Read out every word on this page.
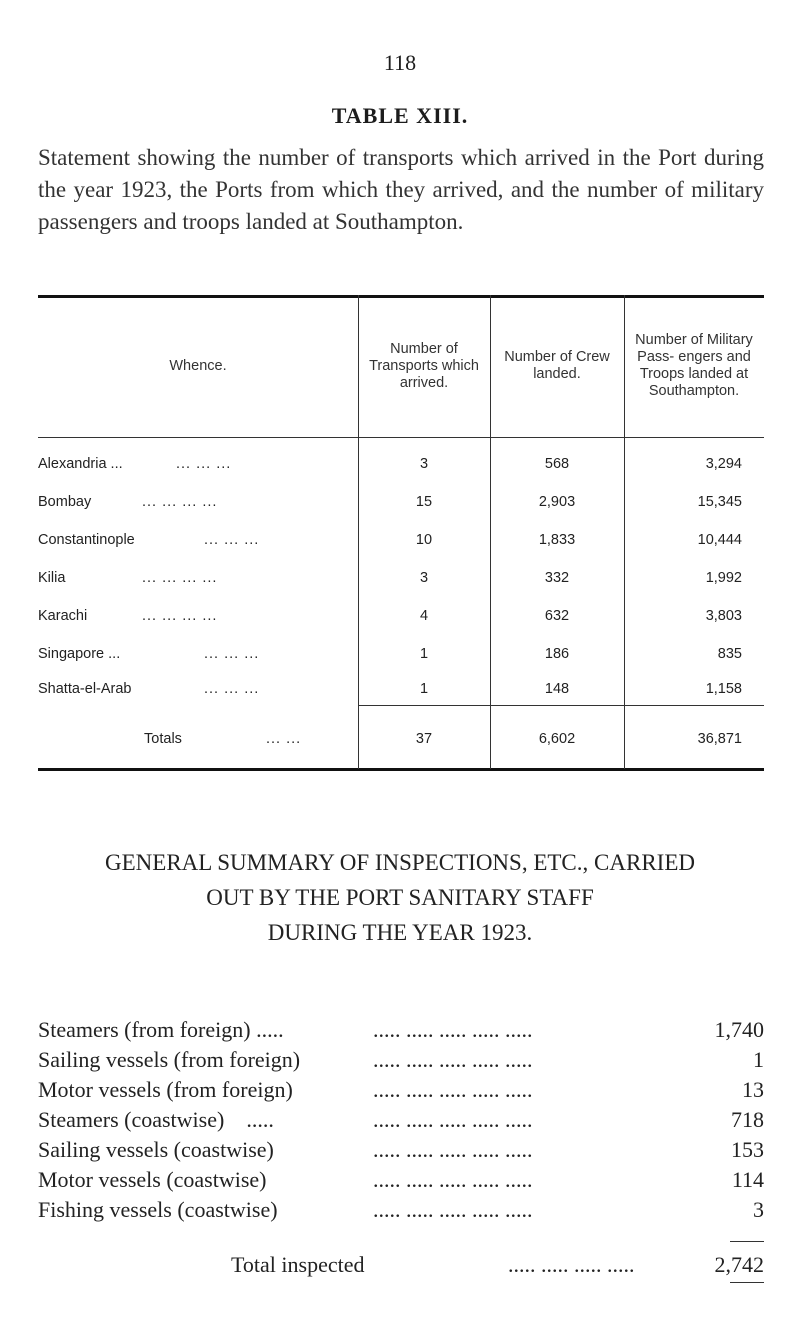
118
TABLE XIII.
Statement showing the number of transports which arrived in the Port during the year 1923, the Ports from which they arrived, and the number of military passengers and troops landed at Southampton.
Whence.
Number of Transports which arrived.
Number of Crew landed.
Number of Military Pass- engers and Troops landed at Southampton.
Alexandria ...	... ... ...	3	568	3,294
Bombay	... ... ... ...	15	2,903	15,345
Constantinople	... ... ...	10	1,833	10,444
Kilia	... ... ... ...	3	332	1,992
Karachi	... ... ... ...	4	632	3,803
Singapore ...	... ... ...	1	186	835
Shatta-el-Arab	... ... ...	1	148	1,158
Totals	... ...	37	6,602	36,871
GENERAL SUMMARY OF INSPECTIONS, ETC., CARRIED
OUT BY THE PORT SANITARY STAFF
DURING THE YEAR 1923.
Steamers (from foreign) .....	..... ..... ..... ..... .....	1,740
Sailing vessels (from foreign)	..... ..... ..... ..... .....	1
Motor vessels (from foreign)	..... ..... ..... ..... .....	13
Steamers (coastwise)    .....	..... ..... ..... ..... .....	718
Sailing vessels (coastwise)	..... ..... ..... ..... .....	153
Motor vessels (coastwise)	..... ..... ..... ..... .....	114
Fishing vessels (coastwise)	..... ..... ..... ..... .....	3
Total inspected	..... ..... ..... .....	2,742
